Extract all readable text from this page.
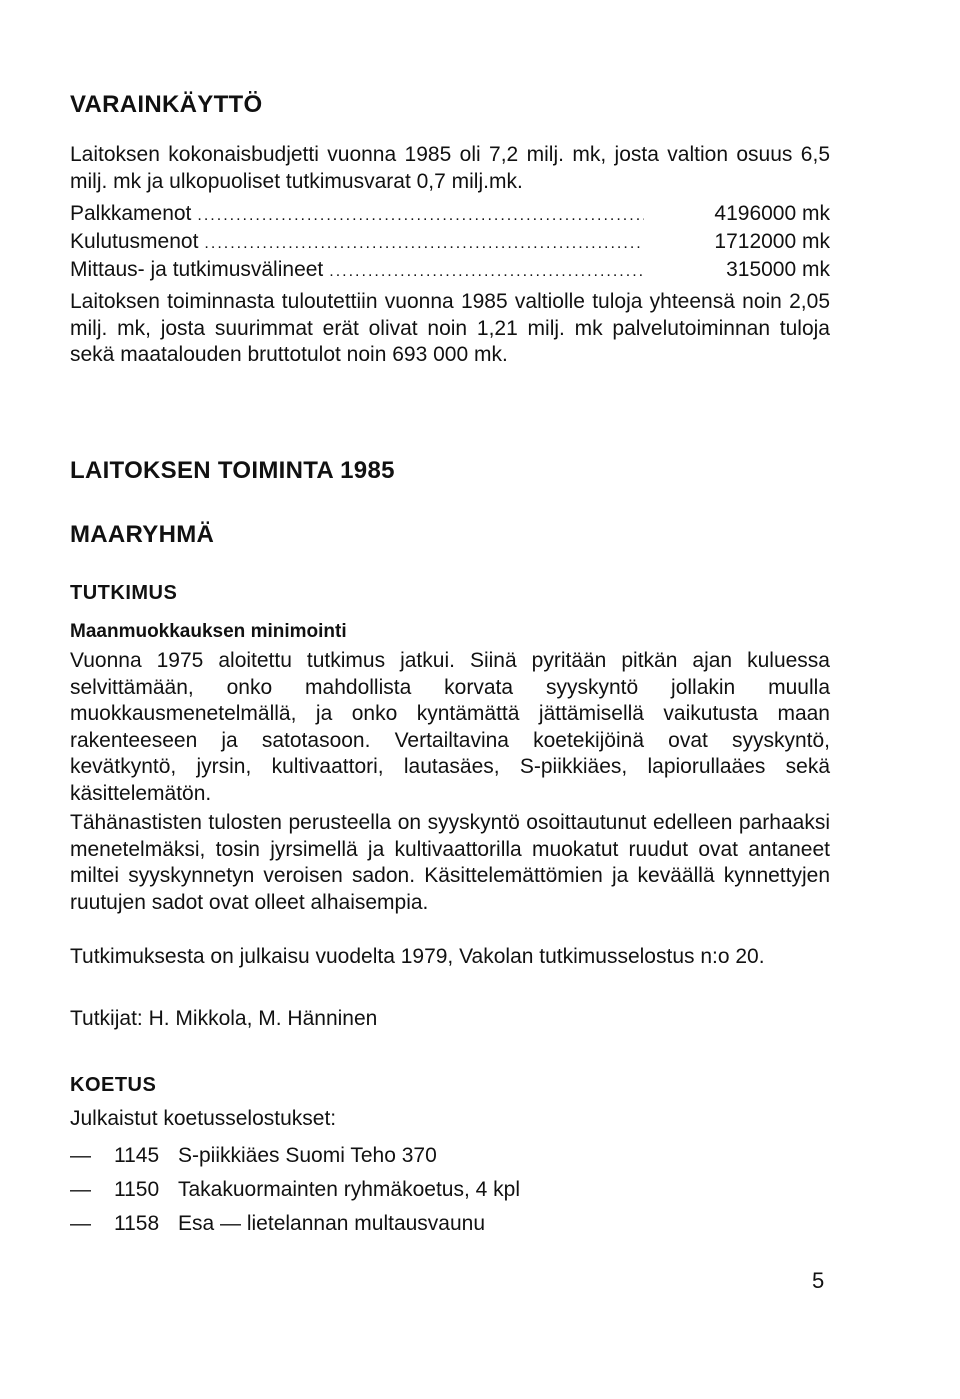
VARAINKÄYTTÖ

Laitoksen kokonaisbudjetti vuonna 1985 oli 7,2 milj. mk, josta valtion osuus 6,5 milj. mk ja ulkopuoliset tutkimusvarat 0,7 milj.mk.

Palkkamenot .....	4196000 mk
Kulutusmenot .....	1712000 mk
Mittaus- ja tutkimusvälineet .....	315000 mk

Laitoksen toiminnasta tuloutettiin vuonna 1985 valtiolle tuloja yhteensä noin 2,05 milj. mk, josta suurimmat erät olivat noin 1,21 milj. mk palvelutoiminnan tuloja sekä maatalouden bruttotulot noin 693 000 mk.

LAITOKSEN TOIMINTA 1985

MAARYHMÄ

TUTKIMUS

Maanmuokkauksen minimointi

Vuonna 1975 aloitettu tutkimus jatkui. Siinä pyritään pitkän ajan kuluessa selvittämään, onko mahdollista korvata syyskyntö jollakin muulla muokkausmenetelmällä, ja onko kyntämättä jättämisellä vaikutusta maan rakenteeseen ja satotasoon. Vertailtavina koetekijöinä ovat syyskyntö, kevätkyntö, jyrsin, kultivaattori, lautasäes, S-piikkiäes, lapiorullaäes sekä käsittelemätön.

Tähänastisten tulosten perusteella on syyskyntö osoittautunut edelleen parhaaksi menetelmäksi, tosin jyrsimellä ja kultivaattorilla muokatut ruudut ovat antaneet miltei syyskynnetyn veroisen sadon. Käsittelemättömien ja keväällä kynnettyjen ruutujen sadot ovat olleet alhaisempia.

Tutkimuksesta on julkaisu vuodelta 1979, Vakolan tutkimusselostus n:o 20.

Tutkijat: H. Mikkola, M. Hänninen

KOETUS

Julkaistut koetusselostukset:

—	1145 S-piikkiäes Suomi Teho 370
—	1150 Takakuormainten ryhmäkoetus, 4 kpl
—	1158 Esa — lietelannan multausvaunu
5
